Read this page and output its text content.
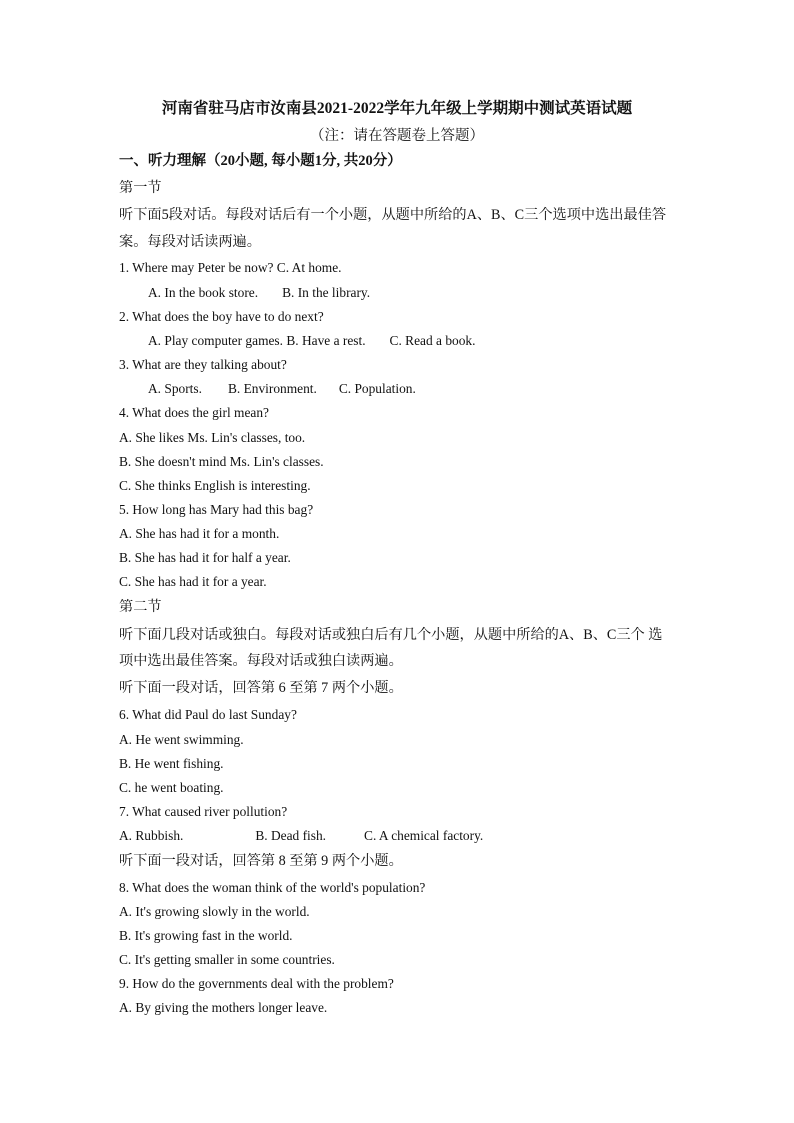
河南省驻马店市汝南县2021-2022学年九年级上学期期中测试英语试题
（注：请在答题卷上答题）
一、听力理解（20小题, 每小题1分, 共20分）
第一节
听下面5段对话。每段对话后有一个小题，从题中所给的A、B、C三个选项中选出最佳答
案。每段对话读两遍。
1. Where may Peter be now? C. At home.
A. In the book store. B. In the library.
2. What does the boy have to do next?
A. Play computer games. B. Have a rest. C. Read a book.
3. What are they talking about?
A. Sports. B. Environment. C. Population.
4. What does the girl mean?
A. She likes Ms. Lin's classes, too.
B. She doesn't mind Ms. Lin's classes.
C. She thinks English is interesting.
5. How long has Mary had this bag?
A. She has had it for a month.
B. She has had it for half a year.
C. She has had it for a year.
第二节
听下面几段对话或独白。每段对话或独白后有几个小题，从题中所给的A、B、C三个 选
项中选出最佳答案。每段对话或独白读两遍。
听下面一段对话，回答第 6 至第 7 两个小题。
6. What did Paul do last Sunday?
A. He went swimming.
B. He went fishing.
C. he went boating.
7. What caused river pollution?
A. Rubbish.	B. Dead fish.	C. A chemical factory.
听下面一段对话，回答第 8 至第 9 两个小题。
8. What does the woman think of the world's population?
A. It's growing slowly in the world.
B. It's growing fast in the world.
C. It's getting smaller in some countries.
9. How do the governments deal with the problem?
A. By giving the mothers longer leave.
